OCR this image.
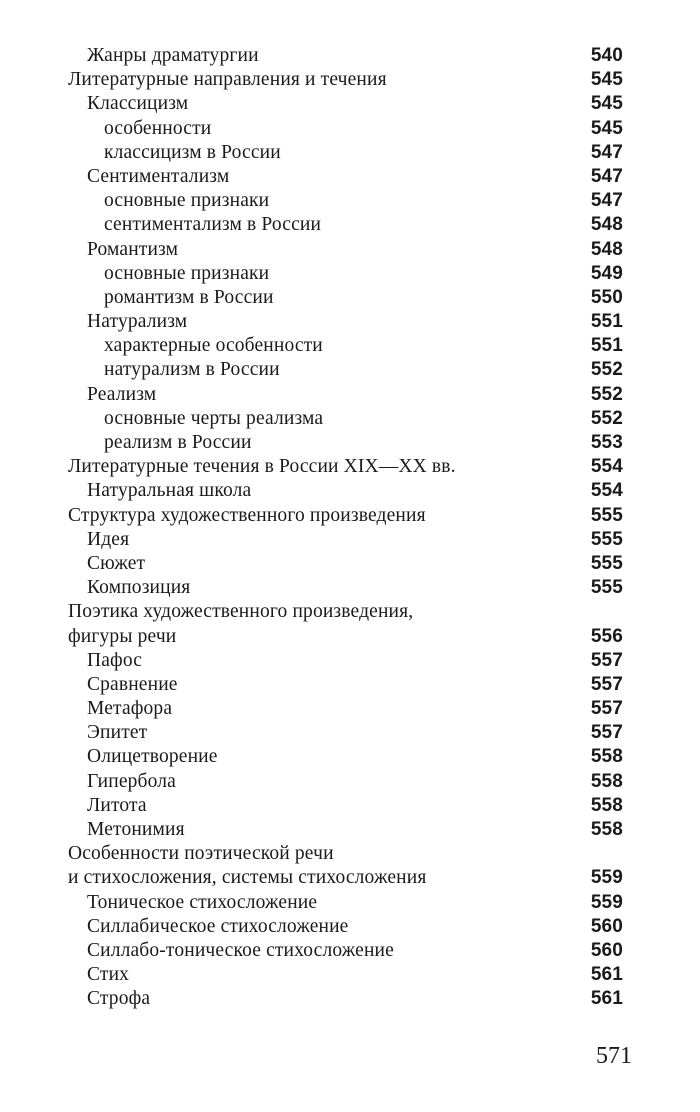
Жанры драматургии	540
Литературные направления и течения	545
Классицизм	545
особенности	545
классицизм в России	547
Сентиментализм	547
основные признаки	547
сентиментализм в России	548
Романтизм	548
основные признаки	549
романтизм в России	550
Натурализм	551
характерные особенности	551
натурализм в России	552
Реализм	552
основные черты реализма	552
реализм в России	553
Литературные течения в России XIX—XX вв.	554
Натуральная школа	554
Структура художественного произведения	555
Идея	555
Сюжет	555
Композиция	555
Поэтика художественного произведения,
фигуры речи	556
Пафос	557
Сравнение	557
Метафора	557
Эпитет	557
Олицетворение	558
Гипербола	558
Литота	558
Метонимия	558
Особенности поэтической речи
и стихосложения, системы стихосложения	559
Тоническое стихосложение	559
Силлабическое стихосложение	560
Силлабо-тоническое стихосложение	560
Стих	561
Строфа	561
571
